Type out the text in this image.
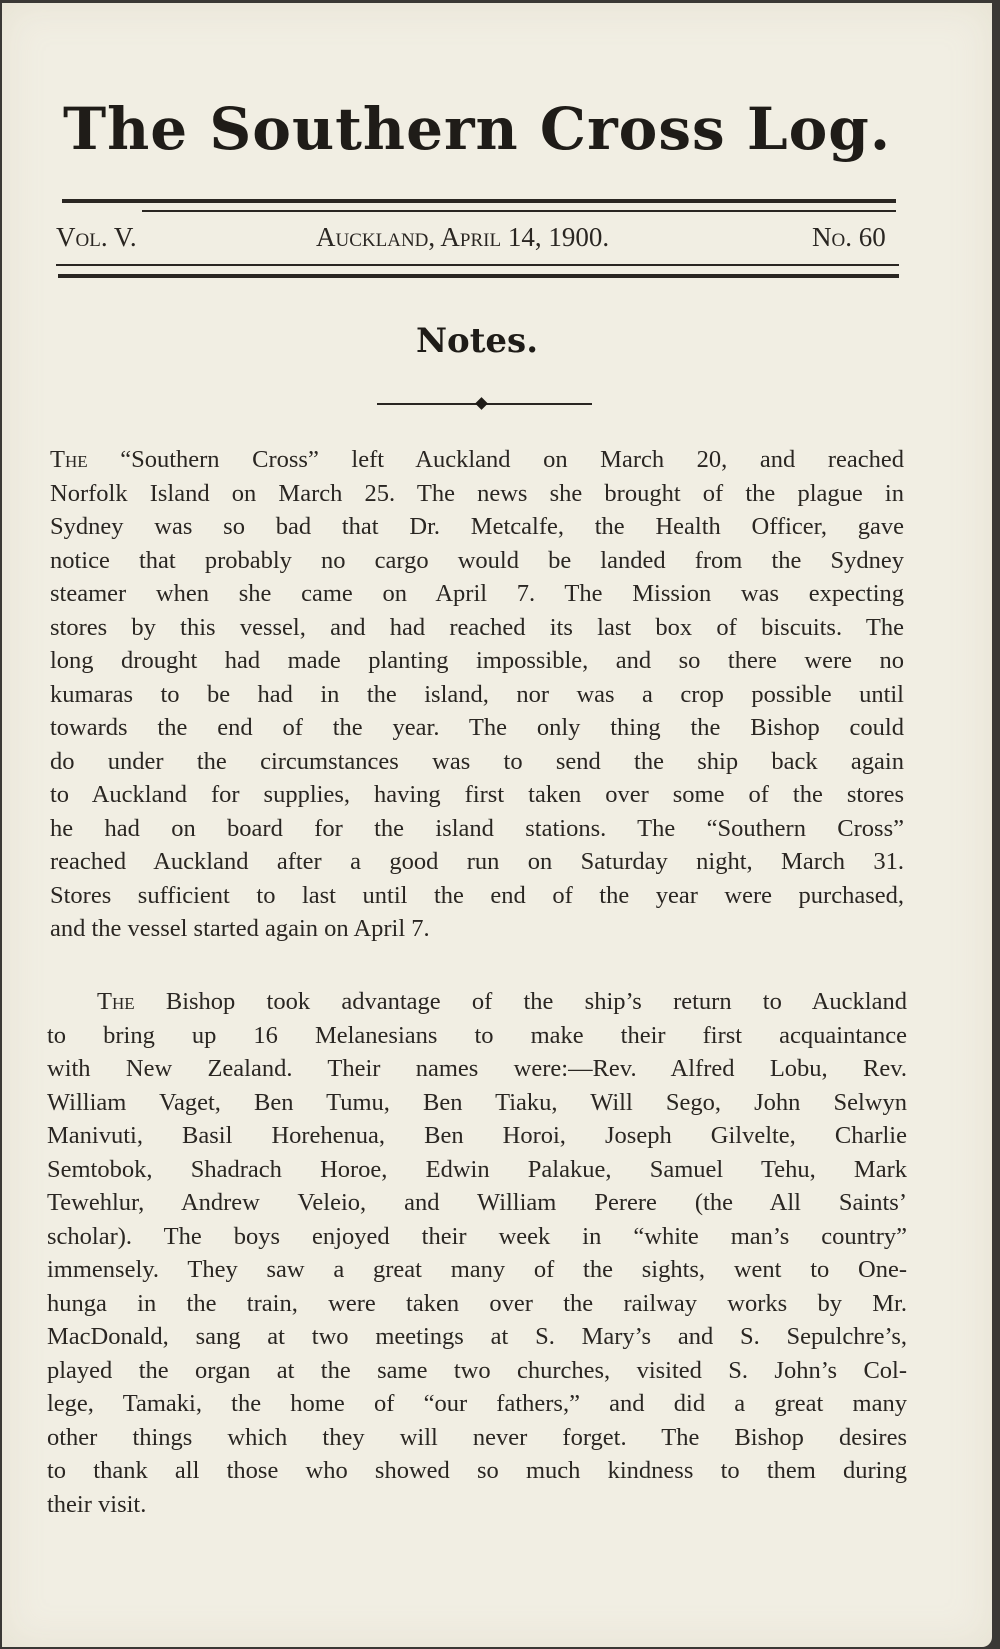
The Southern Cross Log.
Vol. V.	Auckland, April 14, 1900.	No. 60
Notes.
The “Southern Cross” left Auckland on March 20, and reached
Norfolk Island on March 25. The news she brought of the plague in
Sydney was so bad that Dr. Metcalfe, the Health Officer, gave
notice that probably no cargo would be landed from the Sydney
steamer when she came on April 7. The Mission was expecting
stores by this vessel, and had reached its last box of biscuits. The
long drought had made planting impossible, and so there were no
kumaras to be had in the island, nor was a crop possible until
towards the end of the year. The only thing the Bishop could
do under the circumstances was to send the ship back again
to Auckland for supplies, having first taken over some of the stores
he had on board for the island stations. The “Southern Cross”
reached Auckland after a good run on Saturday night, March 31.
Stores sufficient to last until the end of the year were purchased,
and the vessel started again on April 7.
The Bishop took advantage of the ship’s return to Auckland
to bring up 16 Melanesians to make their first acquaintance
with New Zealand. Their names were:—Rev. Alfred Lobu, Rev.
William Vaget, Ben Tumu, Ben Tiaku, Will Sego, John Selwyn
Manivuti, Basil Horehenua, Ben Horoi, Joseph Gilvelte, Charlie
Semtobok, Shadrach Horoe, Edwin Palakue, Samuel Tehu, Mark
Tewehlur, Andrew Veleio, and William Perere (the All Saints’
scholar). The boys enjoyed their week in “white man’s country”
immensely. They saw a great many of the sights, went to One-
hunga in the train, were taken over the railway works by Mr.
MacDonald, sang at two meetings at S. Mary’s and S. Sepulchre’s,
played the organ at the same two churches, visited S. John’s Col-
lege, Tamaki, the home of “our fathers,” and did a great many
other things which they will never forget. The Bishop desires
to thank all those who showed so much kindness to them during
their visit.
